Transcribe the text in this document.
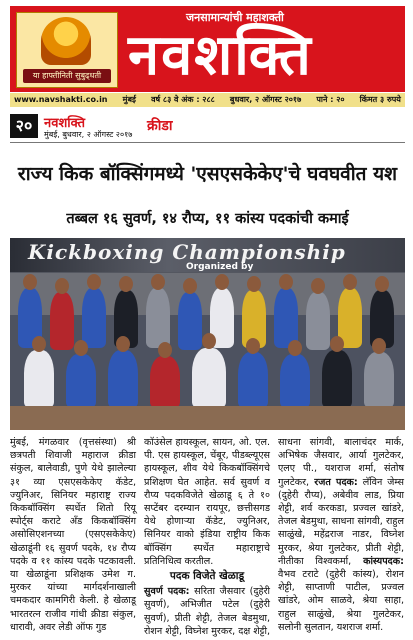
या हाफ्तीनिती सुबुढ्धती
जनसामान्यांची महाशक्ती
नवशक्ति
www.navshakti.co.in मुंबई वर्ष ८३ वे अंक : २८८ बुधवार, २ ऑगस्ट २०१७ पाने : २० किंमत ३ रुपये
२० नवशक्ति
मुंबई, बुधवार, २ ऑगस्ट २०१७
क्रीडा
राज्य किक बॉक्सिंगमध्ये 'एसएसकेकेए'चे घवघवीत यश
तब्बल १६ सुवर्ण, १४ रौप्य, ११ कांस्य पदकांची कमाई
Kickboxing Championship
Organized by
मुंबई, मंगळवार (वृत्तसंस्था) श्री छत्रपती शिवाजी महाराज क्रीडा संकुल, बालेवाडी, पुणे येथे झालेल्या ३१ व्या एसएसकेकेए कॅडेट, ज्युनिअर, सिनियर महाराष्ट्र राज्य किकबॉक्सिंग स्पर्धेत शितो रियू स्पोर्ट्स कराटे अँड किकबॉक्सिंग असोसिएशनच्या (एसएसकेकेए) खेळाडूंनी १६ सुवर्ण पदके, १४ रौप्य पदके व ११ कांस्य पदके पटकावली. या खेळाडूंना प्रशिक्षक उमेश ग. मुरकर यांच्या मार्गदर्शनाखाली चमकदार कामगिरी केली. हे खेळाडू भारतरत्न राजीव गांधी क्रीडा संकुल, धारावी, अवर लेडी ऑफ गुड
कॉउंसेल हायस्कूल, सायन, ओ. एल. पी. एस हायस्कूल, चेंबूर, पीडब्ल्यूएस हायस्कूल, शीव येथे किकबॉक्सिंगचे प्रशिक्षण घेत आहेत. सर्व सुवर्ण व रौप्य पदकविजेते खेळाडू ६ ते १० सप्टेंबर दरम्यान रायपूर, छत्तीसगड येथे होणाऱ्या कॅडेट, ज्युनिअर, सिनियर वाको इंडिया राष्ट्रीय किक बॉक्सिंग स्पर्धेत महाराष्ट्राचे प्रतिनिधित्व करतील.
पदक विजेते खेळाडू
सुवर्ण पदक: सरिता जैसवार (दुहेरी सुवर्ण), अभिजीत पटेल (दुहेरी सुवर्ण), प्रीती शेट्टी, तेजल बेडमुथा, रोशन शेट्टी, विघ्नेश मुरकर, दक्ष शेट्टी,
साधना सांगवी, बालाचंदर मार्क, अभिषेक जैसवार, आर्या गुलटेकर, एलए पी., यशराज शर्मा, संतोष गुलटेकर, रजत पदक: लॅविन जेम्स (दुहेरी रौप्य), अबेवीव लाड, प्रिया शेट्टी, शर्व करकडा, प्रज्वल खांडरे, तेजल बेडमुथा, साधना सांगवी, राहुल साळुंखे, महेंद्रराज नाडर, विघ्नेश मुरकर, श्रेया गुलटेकर, प्रीती शेट्टी, नीतीका विश्वकर्मा, कांस्यपदक: वैभव टराटे (दुहेरी कांस्य), रोशन शेट्टी, साप्ताणी पाटील, प्रज्वल खांडरे, ओम साळवे, श्रेया साहा, राहुल साळुंखे, श्रेया गुलटेकर, सलोनी सुलतान, यशराज शर्मा.
